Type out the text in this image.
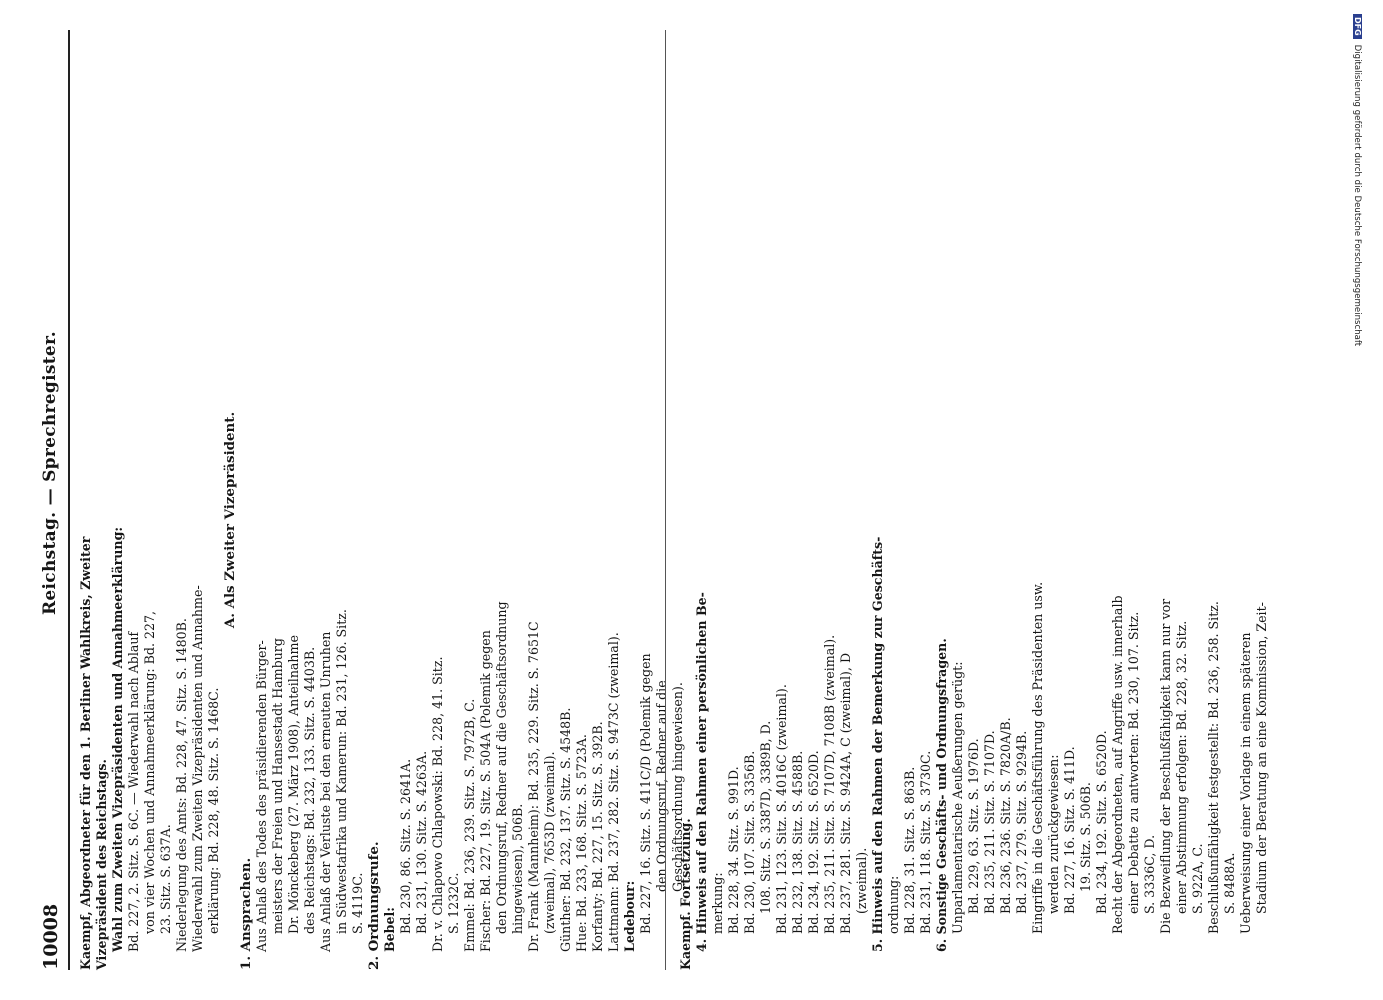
10008
Reichstag. — Sprechregister.
Kaempf, Abgeordneter für den 1. Berliner Wahlkreis, Zweiter Vizepräsident des Reichstags. Wahl zum Zweiten Vizepräsidenten und Annahmeerklärung: Bd. 227, 2. Sitz. S. 6C. — Wiederwahl nach Ablauf von vier Wochen und Annahmeerklärung: Bd. 227, 23. Sitz. S. 637A. Niederlegung des Amts: Bd. 228, 47. Sitz. S. 1480B. Wiederwahl zum Zweiten Vizepräsidenten und Annahme- erklärung: Bd. 228, 48. Sitz. S. 1468C.
A. Als Zweiter Vizepräsident.
1. Ansprachen. Aus Anlaß des Todes des präsidierenden Bürger- meisters der Freien und Hansestadt Hamburg Dr. Mönckeberg (27. März 1908), Anteilnahme des Reichstags: Bd. 232, 133. Sitz. S. 4403B. Aus Anlaß der Verluste bei den erneuten Unruhen in Südwestafrika und Kamerun: Bd. 231, 126. Sitz. S. 4119C. 2. Ordnungsrufe. Bebel: Bd. 230, 86. Sitz. S. 2641A. Bd. 231, 130. Sitz. S. 4263A. Dr. v. Chlapowo Chlapowski: Bd. 228, 41. Sitz. S. 1232C. Emmel: Bd. 236, 239. Sitz. S. 7972B, C. Fischer: Bd. 227, 19. Sitz. S. 504A (Polemik gegen den Ordnungsruf, Redner auf die Geschäftsordnung hingewiesen), 506B. Dr. Frank (Mannheim): Bd. 235, 229. Sitz. S. 7651C (zweimal), 7653D (zweimal). Günther: Bd. 232, 137. Sitz. S. 4548B. Hue: Bd. 233, 168. Sitz. S. 5723A. Korfanty: Bd. 227, 15. Sitz. S. 392B. Lattmann: Bd. 237, 282. Sitz. S. 9473C (zweimal). Ledebour: Bd. 227, 16. Sitz. S. 411C/D (Polemik gegen den Ordnungsruf, Redner auf die Geschäftsordnung hingewiesen).
Kaempf. Fortsetzung. 4. Hinweis auf den Rahmen einer persönlichen Be- merkung: Bd. 228, 34. Sitz. S. 991D. Bd. 230, 107. Sitz. S. 3356B. 108. Sitz. S. 3387D, 3389B, D. Bd. 231, 123. Sitz. S. 4016C (zweimal). Bd. 232, 138. Sitz. S. 4588B. Bd. 234, 192. Sitz. S. 6520D. Bd. 235, 211. Sitz. S. 7107D, 7108B (zweimal). Bd. 237, 281. Sitz. S. 9424A, C (zweimal), D (zweimal). 5. Hinweis auf den Rahmen der Bemerkung zur Geschäfts- ordnung: Bd. 228, 31. Sitz. S. 863B. Bd. 231, 118. Sitz. S. 3730C. 6. Sonstige Geschäfts- und Ordnungsfragen. Unparlamentarische Aeußerungen gerügt: Bd. 229, 63. Sitz. S. 1976D. Bd. 235, 211. Sitz. S. 7107D. Bd. 236, 236. Sitz. S. 7820A/B. Bd. 237, 279. Sitz. S. 9294B. Eingriffe in die Geschäftsführung des Präsidenten usw. werden zurückgewiesen: Bd. 227, 16. Sitz. S. 411D. 19. Sitz. S. 506B. Bd. 234, 192. Sitz. S. 6520D. Recht der Abgeordneten, auf Angriffe usw. innerhalb einer Debatte zu antworten: Bd. 230, 107. Sitz. S. 3336C, D. Die Bezweiflung der Beschlußfähigkeit kann nur vor einer Abstimmung erfolgen: Bd. 228, 32. Sitz. S. 922A, C. Beschlußunfähigkeit festgestellt: Bd. 236, 258. Sitz. S. 8488A. Ueberweisung einer Vorlage in einem späteren Stadium der Beratung an eine Kommission, Zeit-
DFGDigitalisierung gefördert durch die Deutsche Forschungsgemeinschaft
